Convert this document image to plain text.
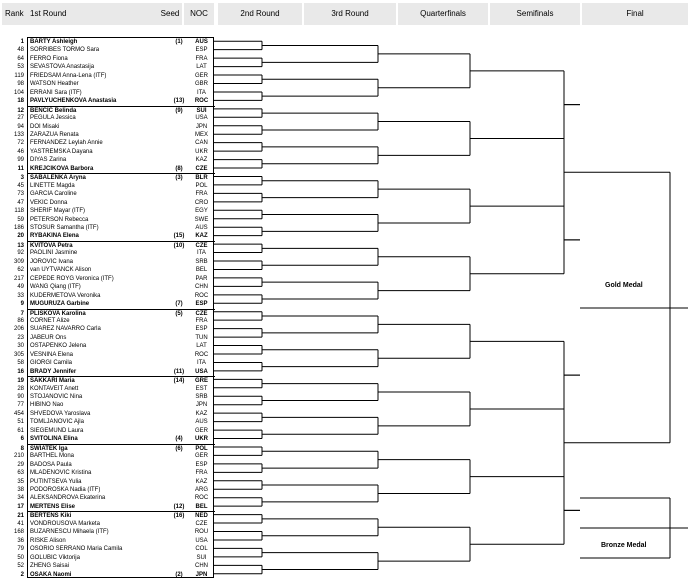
Rank 1st Round	Seed	NOC	2nd Round	3rd Round	Quarterfinals	Semifinals	Final
1 BARTY Ashleigh	(1)	AUS
48 SORRIBES TORMO Sara	ESP
64 FERRO Fiona	FRA
53 SEVASTOVA Anastasija	LAT
119 FRIEDSAM Anna-Lena (ITF)	GER
98 WATSON Heather	GBR
104 ERRANI Sara (ITF)	ITA
18 PAVLYUCHENKOVA Anastasia	(13)	ROC
12 BENCIC Belinda	(9)	SUI
27 PEGULA Jessica	USA
94 DOI Misaki	JPN
133 ZARAZUA Renata	MEX
72 FERNANDEZ Leylah Annie	CAN
46 YASTREMSKA Dayana	UKR
99 DIYAS Zarina	KAZ
11 KREJCIKOVA Barbora	(8)	CZE
3 SABALENKA Aryna	(3)	BLR
45 LINETTE Magda	POL
73 GARCIA Caroline	FRA
47 VEKIC Donna	CRO
118 SHERIF Mayar (ITF)	EGY
59 PETERSON Rebecca	SWE
186 STOSUR Samantha (ITF)	AUS
20 RYBAKINA Elena	(15)	KAZ
13 KVITOVA Petra	(10)	CZE
92 PAOLINI Jasmine	ITA
309 JOROVIC Ivana	SRB
62 van UYTVANCK Alison	BEL
217 CEPEDE ROYG Veronica (ITF)	PAR
49 WANG Qiang (ITF)	CHN
33 KUDERMETOVA Veronika	ROC
9 MUGURUZA Garbine	(7)	ESP
7 PLISKOVA Karolina	(5)	CZE
86 CORNET Alize	FRA
206 SUAREZ NAVARRO Carla	ESP
23 JABEUR Ons	TUN
30 OSTAPENKO Jelena	LAT
305 VESNINA Elena	ROC
58 GIORGI Camila	ITA
16 BRADY Jennifer	(11)	USA
19 SAKKARI Maria	(14)	GRE
28 KONTAVEIT Anett	EST
90 STOJANOVIC Nina	SRB
77 HIBINO Nao	JPN
454 SHVEDOVA Yaroslava	KAZ
51 TOMLJANOVIC Ajla	AUS
61 SIEGEMUND Laura	GER
6 SVITOLINA Elina	(4)	UKR
8 SWIATEK Iga	(6)	POL
210 BARTHEL Mona	GER
29 BADOSA Paula	ESP
63 MLADENOVIC Kristina	FRA
35 PUTINTSEVA Yulia	KAZ
38 PODOROSKA Nadia (ITF)	ARG
34 ALEKSANDROVA Ekaterina	ROC
17 MERTENS Elise	(12)	BEL
21 BERTENS Kiki	(16)	NED
41 VONDROUSOVA Marketa	CZE
168 BUZARNESCU Mihaela (ITF)	ROU
36 RISKE Alison	USA
79 OSORIO SERRANO Maria Camila	COL
50 GOLUBIC Viktorija	SUI
52 ZHENG Saisai	CHN
2 OSAKA Naomi	(2)	JPN
Gold Medal
Bronze Medal
